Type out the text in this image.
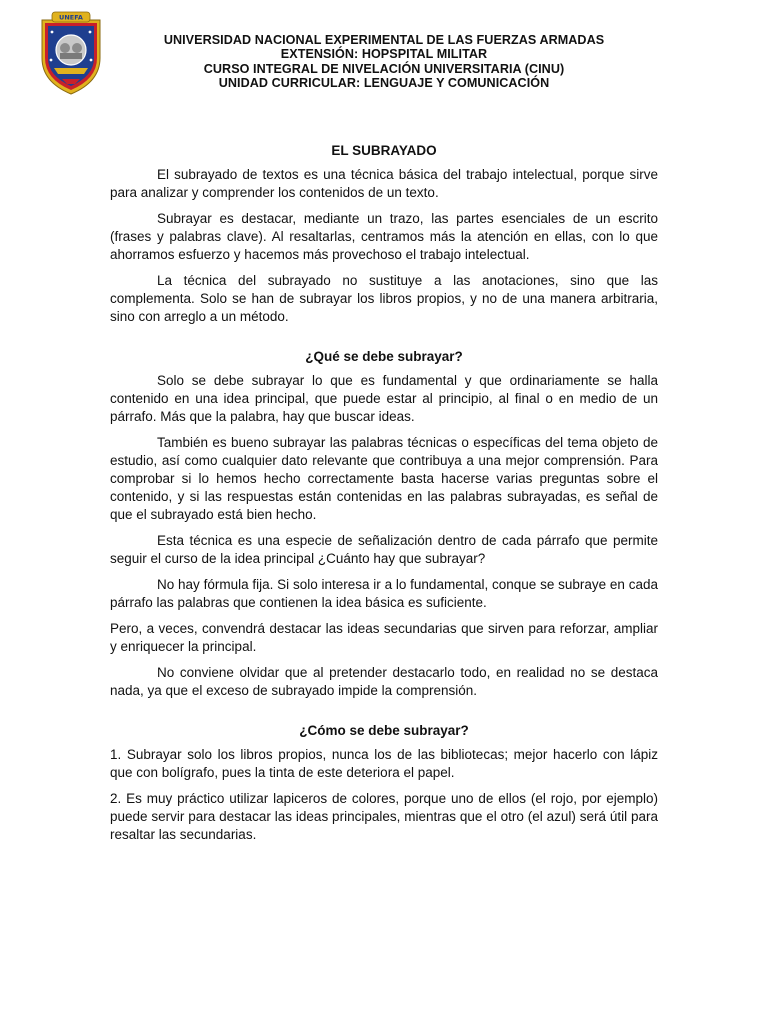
UNEFA
UNIVERSIDAD NACIONAL EXPERIMENTAL DE LAS FUERZAS ARMADAS
EXTENSIÓN: HOPSPITAL MILITAR
CURSO INTEGRAL DE NIVELACIÓN UNIVERSITARIA (CINU)
UNIDAD CURRICULAR: LENGUAJE Y COMUNICACIÓN
EL SUBRAYADO

El subrayado de textos es una técnica básica del trabajo intelectual, porque sirve para analizar y comprender los contenidos de un texto.

Subrayar es destacar, mediante un trazo, las partes esenciales de un escrito (frases y palabras clave). Al resaltarlas, centramos más la atención en ellas, con lo que ahorramos esfuerzo y hacemos más provechoso el trabajo intelectual.

La técnica del subrayado no sustituye a las anotaciones, sino que las complementa. Solo se han de subrayar los libros propios, y no de una manera arbitraria, sino con arreglo a un método.

¿Qué se debe subrayar?

Solo se debe subrayar lo que es fundamental y que ordinariamente se halla contenido en una idea principal, que puede estar al principio, al final o en medio de un párrafo. Más que la palabra, hay que buscar ideas.

También es bueno subrayar las palabras técnicas o específicas del tema objeto de estudio, así como cualquier dato relevante que contribuya a una mejor comprensión. Para comprobar si lo hemos hecho correctamente basta hacerse varias preguntas sobre el contenido, y si las respuestas están contenidas en las palabras subrayadas, es señal de que el subrayado está bien hecho.

Esta técnica es una especie de señalización dentro de cada párrafo que permite seguir el curso de la idea principal ¿Cuánto hay que subrayar?

No hay fórmula fija. Si solo interesa ir a lo fundamental, conque se subraye en cada párrafo las palabras que contienen la idea básica es suficiente.

Pero, a veces, convendrá destacar las ideas secundarias que sirven para reforzar, ampliar y enriquecer la principal.

No conviene olvidar que al pretender destacarlo todo, en realidad no se destaca nada, ya que el exceso de subrayado impide la comprensión.

¿Cómo se debe subrayar?

1. Subrayar solo los libros propios, nunca los de las bibliotecas; mejor hacerlo con lápiz que con bolígrafo, pues la tinta de este deteriora el papel.

2. Es muy práctico utilizar lapiceros de colores, porque uno de ellos (el rojo, por ejemplo) puede servir para destacar las ideas principales, mientras que el otro (el azul) será útil para resaltar las secundarias.
